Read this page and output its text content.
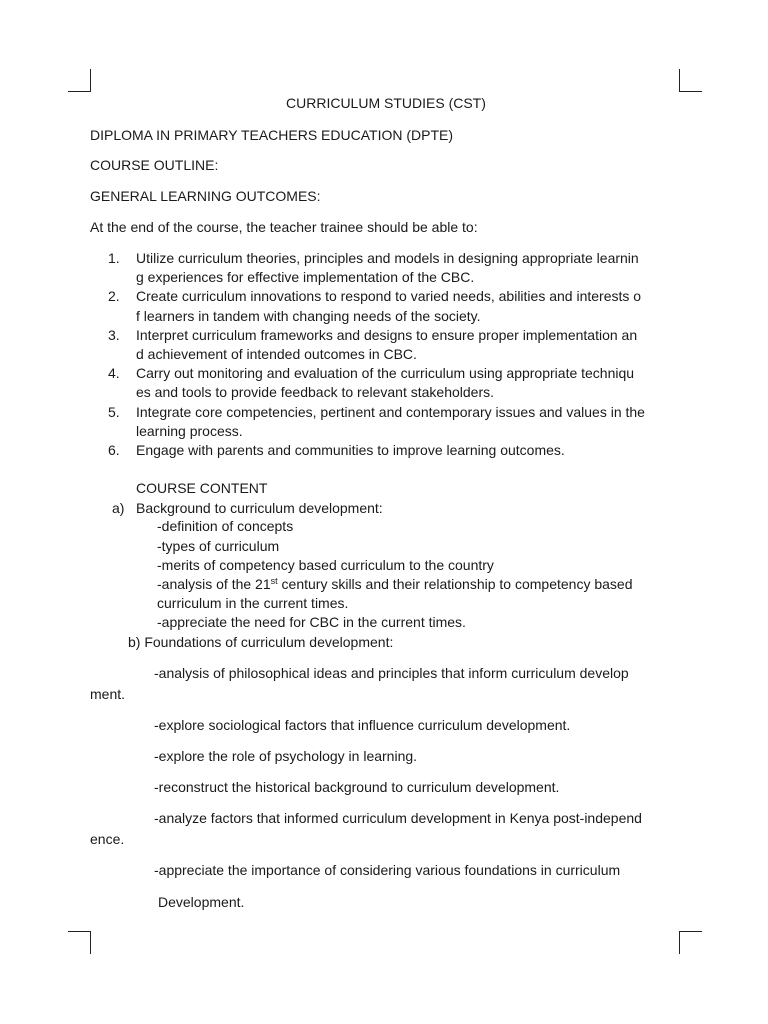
CURRICULUM STUDIES (CST)
DIPLOMA IN PRIMARY TEACHERS EDUCATION (DPTE)
COURSE OUTLINE:
GENERAL LEARNING OUTCOMES:
At the end of the course, the teacher trainee should be able to:
1. Utilize curriculum theories, principles and models in designing appropriate learnin
g experiences for effective implementation of the CBC.
2. Create curriculum innovations to respond to varied needs, abilities and interests o
f learners in tandem with changing needs of the society.
3. Interpret curriculum frameworks and designs to ensure proper implementation an
d achievement of intended outcomes in CBC.
4. Carry out monitoring and evaluation of the curriculum using appropriate techniqu
es and tools to provide feedback to relevant stakeholders.
5. Integrate core competencies, pertinent and contemporary issues and values in the
learning process.
6. Engage with parents and communities to improve learning outcomes.
COURSE CONTENT
a) Background to curriculum development:
-definition of concepts
-types of curriculum
-merits of competency based curriculum to the country
-analysis of the 21st century skills and their relationship to competency based
curriculum in the current times.
-appreciate the need for CBC in the current times.
b) Foundations of curriculum development:
-analysis of philosophical ideas and principles that inform curriculum develop
ment.
-explore sociological factors that influence curriculum development.
-explore the role of psychology in learning.
-reconstruct the historical background to curriculum development.
-analyze factors that informed curriculum development in Kenya post-independ
ence.
-appreciate the importance of considering various foundations in curriculum
Development.
